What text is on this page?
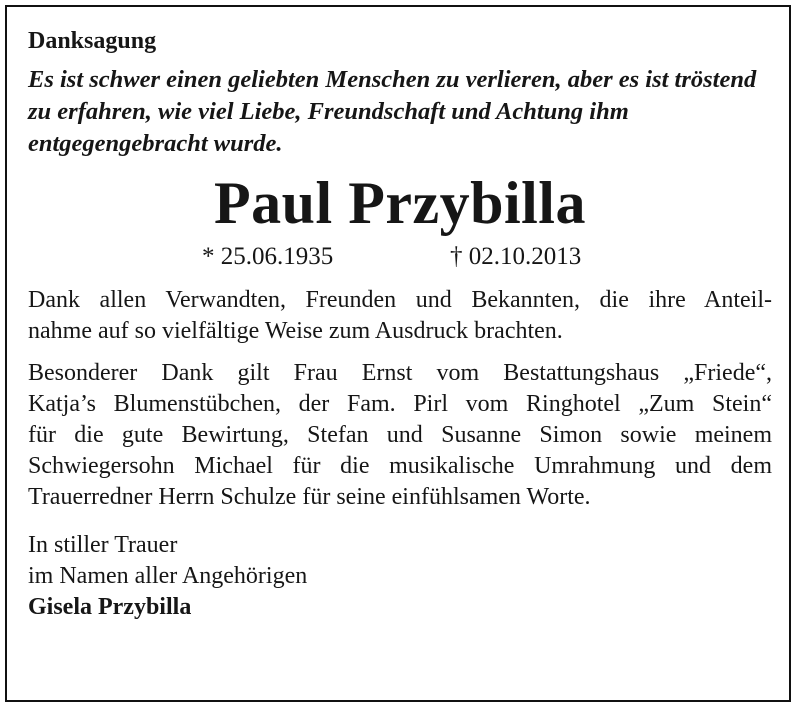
Danksagung
Es ist schwer einen geliebten Menschen zu verlieren, aber es ist tröstend zu erfahren, wie viel Liebe, Freundschaft und Achtung ihm entgegengebracht wurde.
Paul Przybilla
* 25.06.1935	† 02.10.2013
Dank allen Verwandten, Freunden und Bekannten, die ihre Anteil-
nahme auf so vielfältige Weise zum Ausdruck brachten.
Besonderer Dank gilt Frau Ernst vom Bestattungshaus „Friede“,
Katja’s Blumenstübchen, der Fam. Pirl vom Ringhotel „Zum Stein“
für die gute Bewirtung, Stefan und Susanne Simon sowie meinem
Schwiegersohn Michael für die musikalische Umrahmung und dem
Trauerredner Herrn Schulze für seine einfühlsamen Worte.
In stiller Trauer
im Namen aller Angehörigen
Gisela Przybilla
